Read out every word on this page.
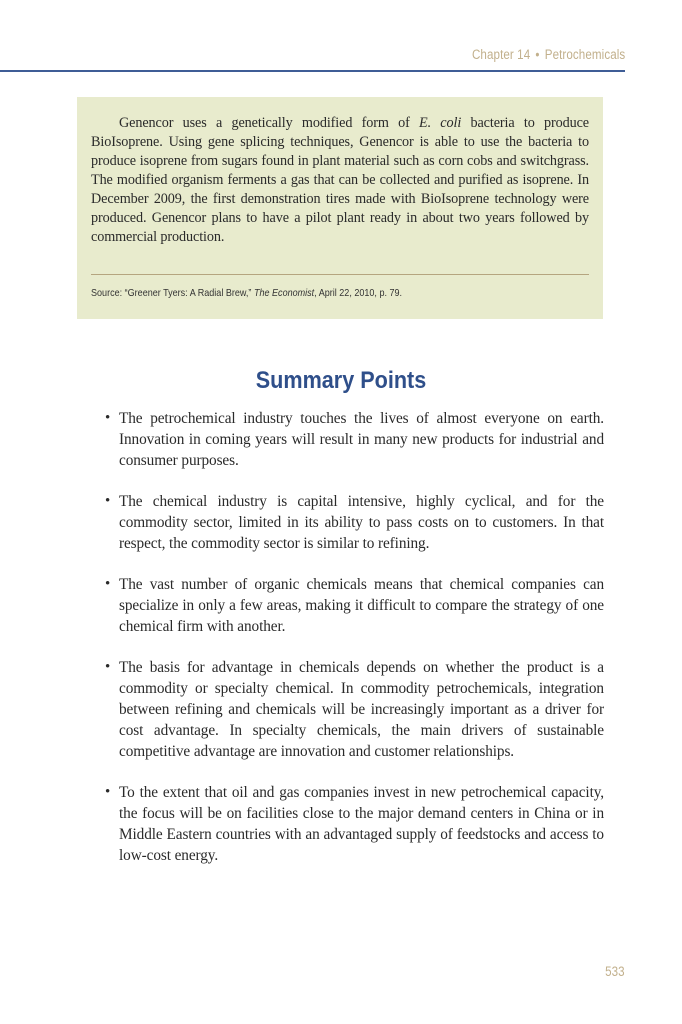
Chapter 14 • Petrochemicals

Genencor uses a genetically modified form of E. coli bacteria to produce BioIsoprene. Using gene splicing techniques, Genencor is able to use the bacteria to produce isoprene from sugars found in plant material such as corn cobs and switchgrass. The modified organism ferments a gas that can be collected and purified as isoprene. In December 2009, the first demonstration tires made with BioIsoprene technology were produced. Genencor plans to have a pilot plant ready in about two years followed by commercial production.

Source: “Greener Tyers: A Radial Brew,” The Economist, April 22, 2010, p. 79.
Summary Points
• The petrochemical industry touches the lives of almost everyone on earth. Innovation in coming years will result in many new products for industrial and consumer purposes.
• The chemical industry is capital intensive, highly cyclical, and for the commodity sector, limited in its ability to pass costs on to customers. In that respect, the commodity sector is similar to refining.
• The vast number of organic chemicals means that chemical companies can specialize in only a few areas, making it difficult to compare the strategy of one chemical firm with another.
• The basis for advantage in chemicals depends on whether the product is a commodity or specialty chemical. In commodity petrochemicals, integration between refining and chemicals will be increasingly important as a driver for cost advantage. In specialty chemicals, the main drivers of sustainable competitive advantage are innovation and customer relationships.
• To the extent that oil and gas companies invest in new petrochemical capacity, the focus will be on facilities close to the major demand centers in China or in Middle Eastern countries with an advantaged supply of feedstocks and access to low-cost energy.
533
